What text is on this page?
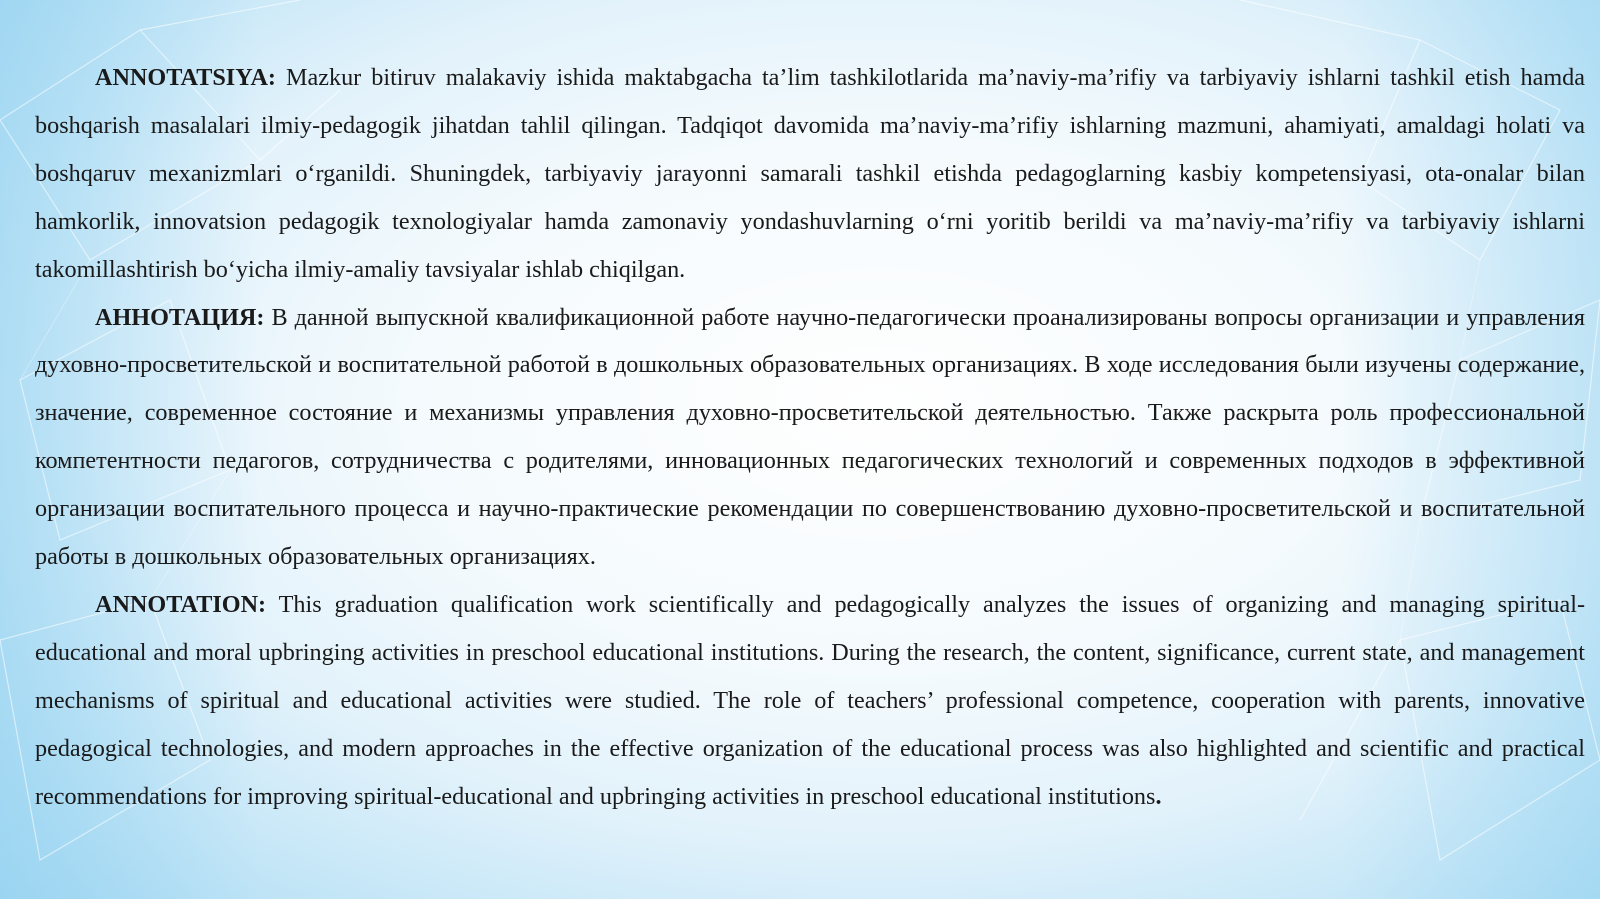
ANNOTATSIYA: Mazkur bitiruv malakaviy ishida maktabgacha ta’lim tashkilotlarida ma’naviy-ma’rifiy va tarbiyaviy ishlarni tashkil etish hamda boshqarish masalalari ilmiy-pedagogik jihatdan tahlil qilingan. Tadqiqot davomida ma’naviy-ma’rifiy ishlarning mazmuni, ahamiyati, amaldagi holati va boshqaruv mexanizmlari o‘rganildi. Shuningdek, tarbiyaviy jarayonni samarali tashkil etishda pedagoglarning kasbiy kompetensiyasi, ota-onalar bilan hamkorlik, innovatsion pedagogik texnologiyalar hamda zamonaviy yondashuvlarning o‘rni yoritib berildi va ma’naviy-ma’rifiy va tarbiyaviy ishlarni takomillashtirish bo‘yicha ilmiy-amaliy tavsiyalar ishlab chiqilgan.

АННОТАЦИЯ: В данной выпускной квалификационной работе научно-педагогически проанализированы вопросы организации и управления духовно-просветительской и воспитательной работой в дошкольных образовательных организациях. В ходе исследования были изучены содержание, значение, современное состояние и механизмы управления духовно-просветительской деятельностью. Также раскрыта роль профессиональной компетентности педагогов, сотрудничества с родителями, инновационных педагогических технологий и современных подходов в эффективной организации воспитательного процесса и научно-практические рекомендации по совершенствованию духовно-просветительской и воспитательной работы в дошкольных образовательных организациях.

ANNOTATION: This graduation qualification work scientifically and pedagogically analyzes the issues of organizing and managing spiritual-educational and moral upbringing activities in preschool educational institutions. During the research, the content, significance, current state, and management mechanisms of spiritual and educational activities were studied. The role of teachers’ professional competence, cooperation with parents, innovative pedagogical technologies, and modern approaches in the effective organization of the educational process was also highlighted and scientific and practical recommendations for improving spiritual-educational and upbringing activities in preschool educational institutions.
